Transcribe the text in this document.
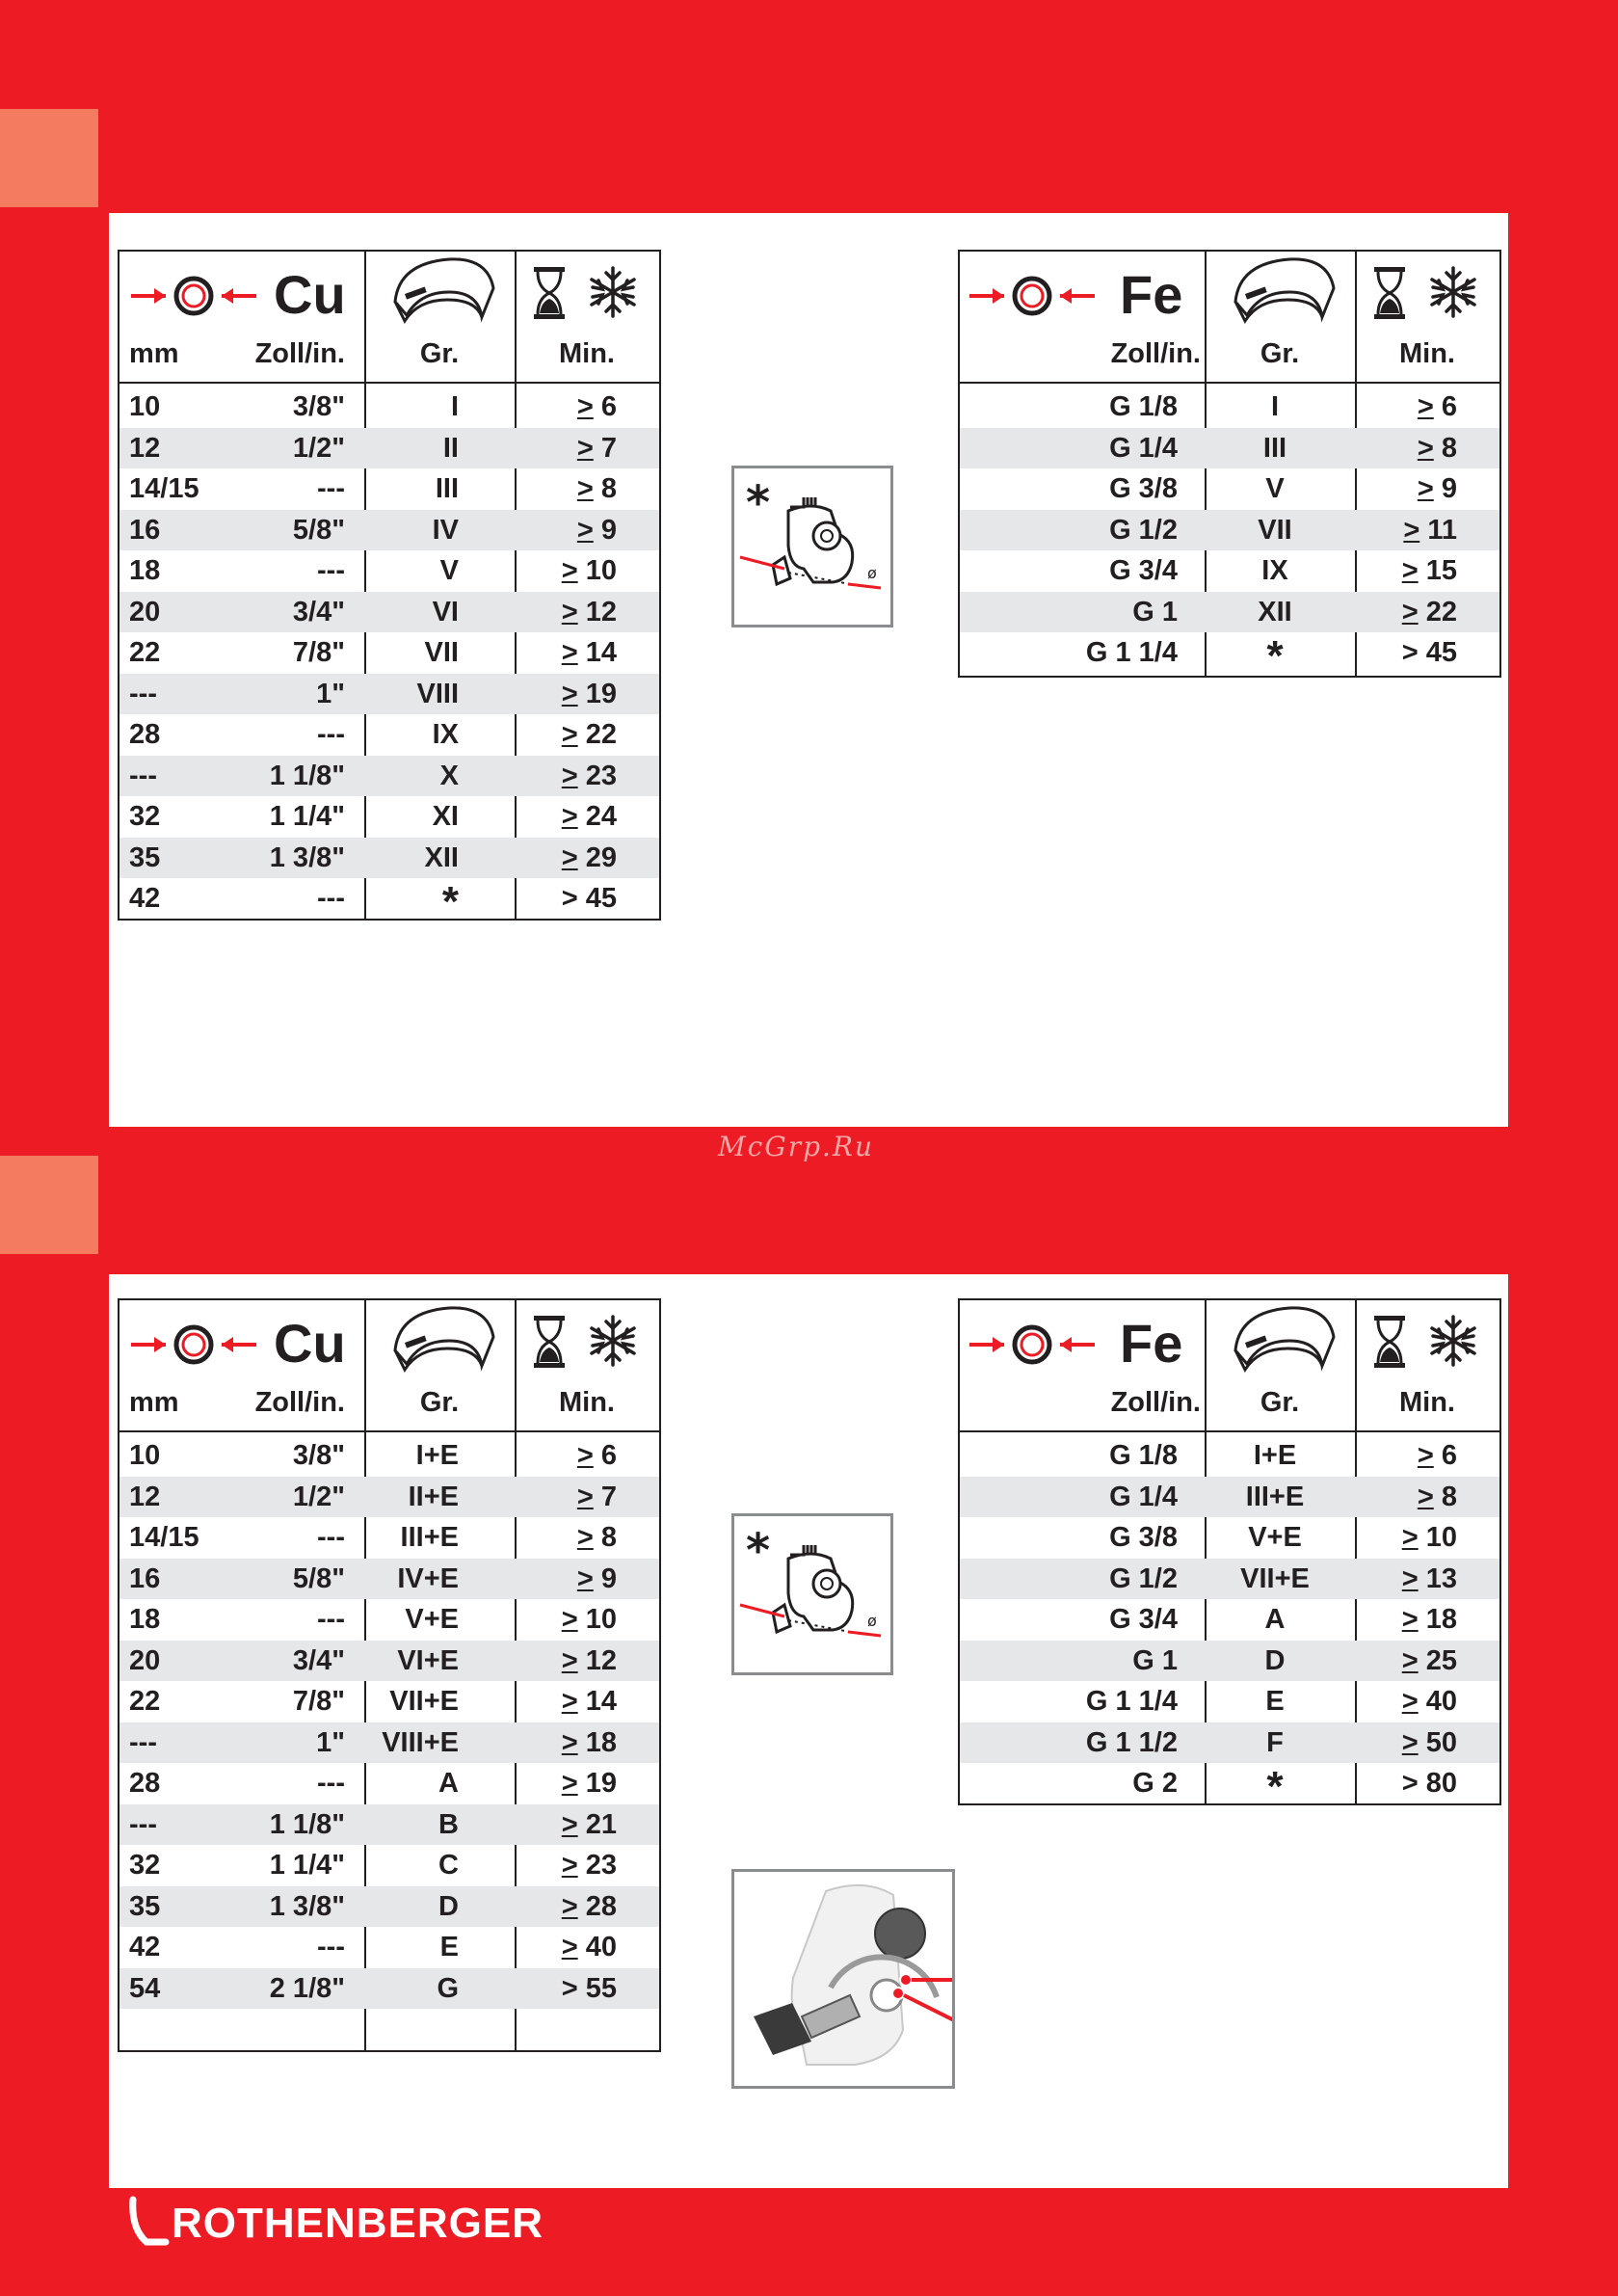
Cu
mm	Zoll/in.	Gr.	Min.
10	3/8"	I	≥ 6
12	1/2"	II	≥ 7
14/15	---	III	≥ 8
16	5/8"	IV	≥ 9
18	---	V	≥ 10
20	3/4"	VI	≥ 12
22	7/8"	VII	≥ 14
---	1"	VIII	≥ 19
28	---	IX	≥ 22
---	1 1/8"	X	≥ 23
32	1 1/4"	XI	≥ 24
35	1 3/8"	XII	≥ 29
42	---	*	> 45
Fe
Zoll/in.	Gr.	Min.
G 1/8	I	≥ 6
G 1/4	III	≥ 8
G 3/8	V	≥ 9
G 1/2	VII	≥ 11
G 3/4	IX	≥ 15
G 1	XII	≥ 22
G 1 1/4	*	> 45
Cu
mm	Zoll/in.	Gr.	Min.
10	3/8"	I+E	≥ 6
12	1/2"	II+E	≥ 7
14/15	---	III+E	≥ 8
16	5/8"	IV+E	≥ 9
18	---	V+E	≥ 10
20	3/4"	VI+E	≥ 12
22	7/8"	VII+E	≥ 14
---	1"	VIII+E	≥ 18
28	---	A	≥ 19
---	1 1/8"	B	≥ 21
32	1 1/4"	C	≥ 23
35	1 3/8"	D	≥ 28
42	---	E	≥ 40
54	2 1/8"	G	> 55
Fe
Zoll/in.	Gr.	Min.
G 1/8	I+E	≥ 6
G 1/4	III+E	≥ 8
G 3/8	V+E	≥ 10
G 1/2	VII+E	≥ 13
G 3/4	A	≥ 18
G 1	D	≥ 25
G 1 1/4	E	≥ 40
G 1 1/2	F	≥ 50
G 2	*	> 80
*
ø
*
ø
McGrp.Ru
ROTHENBERGER
